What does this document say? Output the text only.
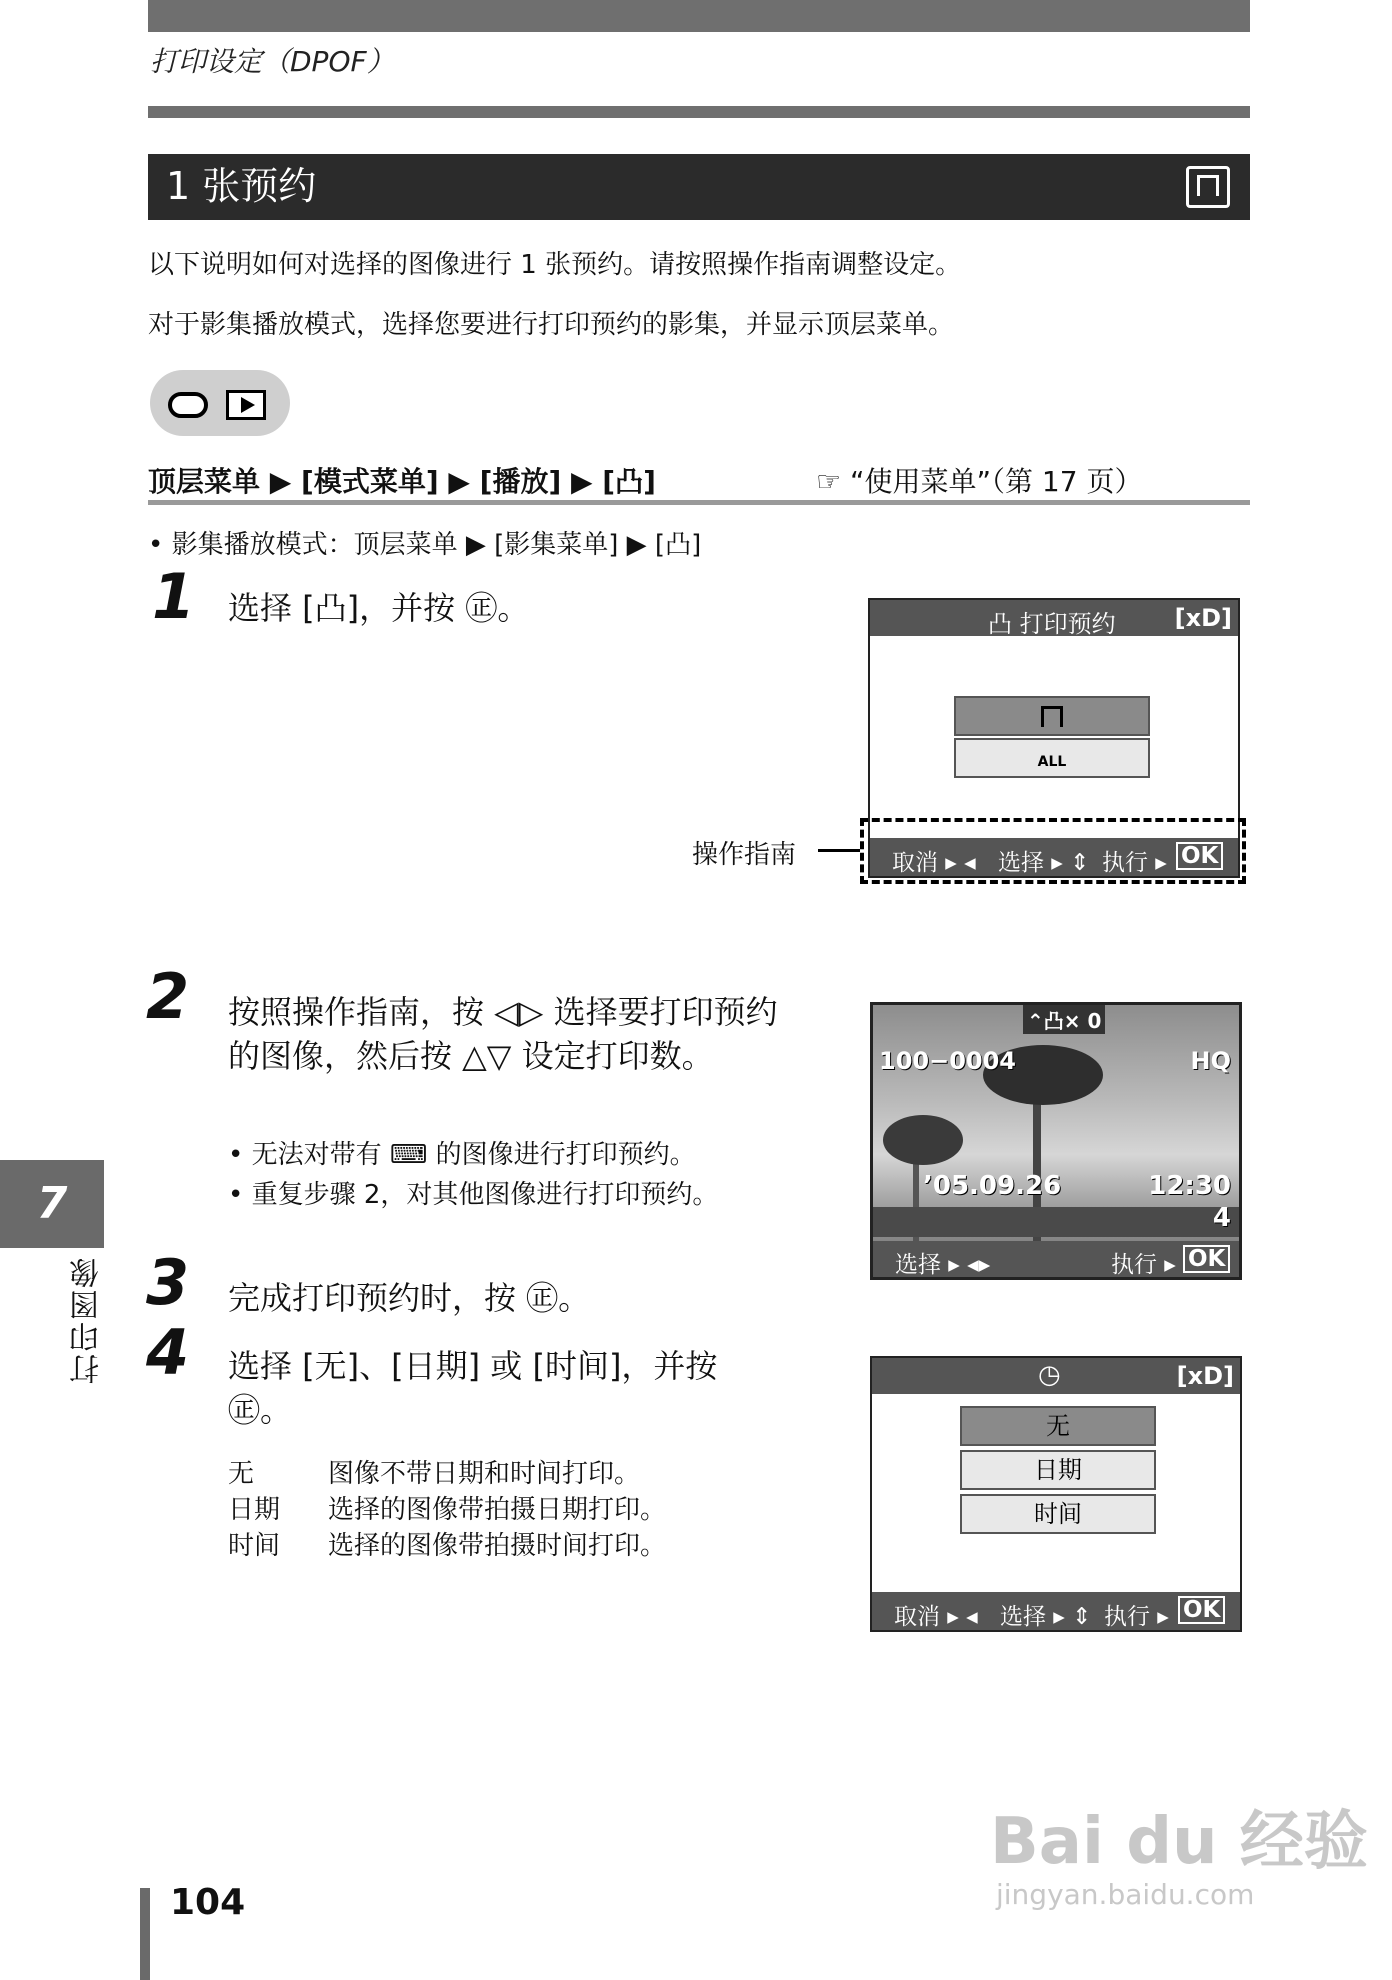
打印设定（DPOF）
1 张预约
以下说明如何对选择的图像进行 1 张预约。请按照操作指南调整设定。
对于影集播放模式，选择您要进行打印预约的影集，并显示顶层菜单。
顶层菜单 ▶ [模式菜单] ▶ [播放] ▶ [凸]	☞ “使用菜单”（第 17 页）
• 影集播放模式：顶层菜单 ▶ [影集菜单] ▶ [凸]
1 选择 [凸]，并按 ㊣。	凸 打印预约 [xD]
ALL
取消 ▸ ◂ 选择 ▸ ⇕ 执行 ▸ OK
操作指南
2 按照操作指南，按 ◁▷ 选择要打印预约的图像，然后按 △▽ 设定打印数。
• 无法对带有 ⌨ 的图像进行打印预约。
• 重复步骤 2，对其他图像进行打印预约。
⌃凸× 0
100−0004	HQ
’05.09.26	12:30
4
选择 ▸ ◂▸	执行 ▸ OK
3 完成打印预约时，按 ㊣。
4 选择 [无]、[日期] 或 [时间]，并按 ㊣。
无	图像不带日期和时间打印。
日期 选择的图像带拍摄日期打印。
时间 选择的图像带拍摄时间打印。
◷	[xD]
无
日期
时间
取消 ▸ ◂ 选择 ▸ ⇕ 执行 ▸ OK
7
打印图像
104
Bai du 经验
jingyan.baidu.com
